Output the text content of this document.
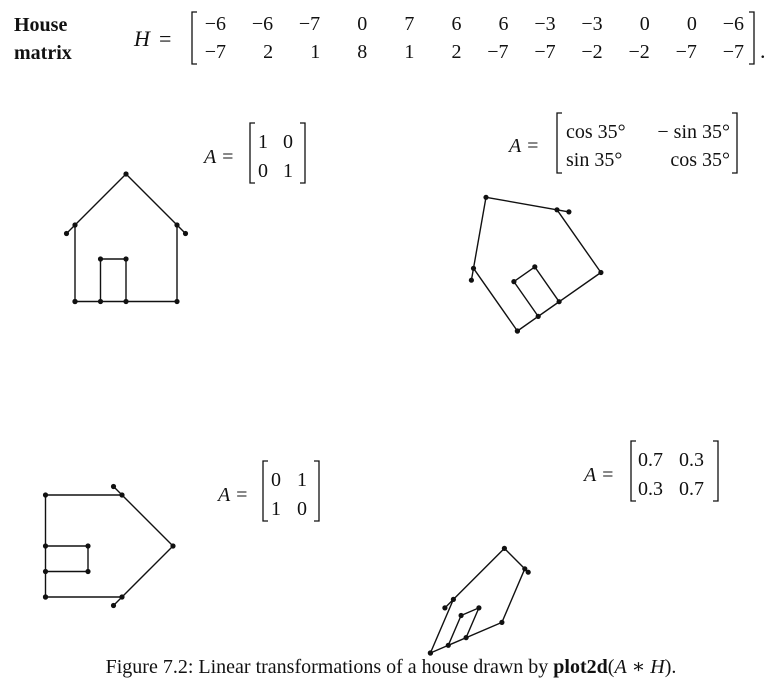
House
matrix
H =
−6 −6 −7 0 7 6 6 −3 −3 0 0 −6
−7 2 1 8 1 2 −7 −7 −2 −2 −7 −7 .
A =
1 0
0 1
A =
cos 35° − sin 35°
sin 35° cos 35°
A =
0 1
1 0
A =
0.7 0.3
0.3 0.7
Figure 7.2: Linear transformations of a house drawn by plot2d(A ∗ H).
